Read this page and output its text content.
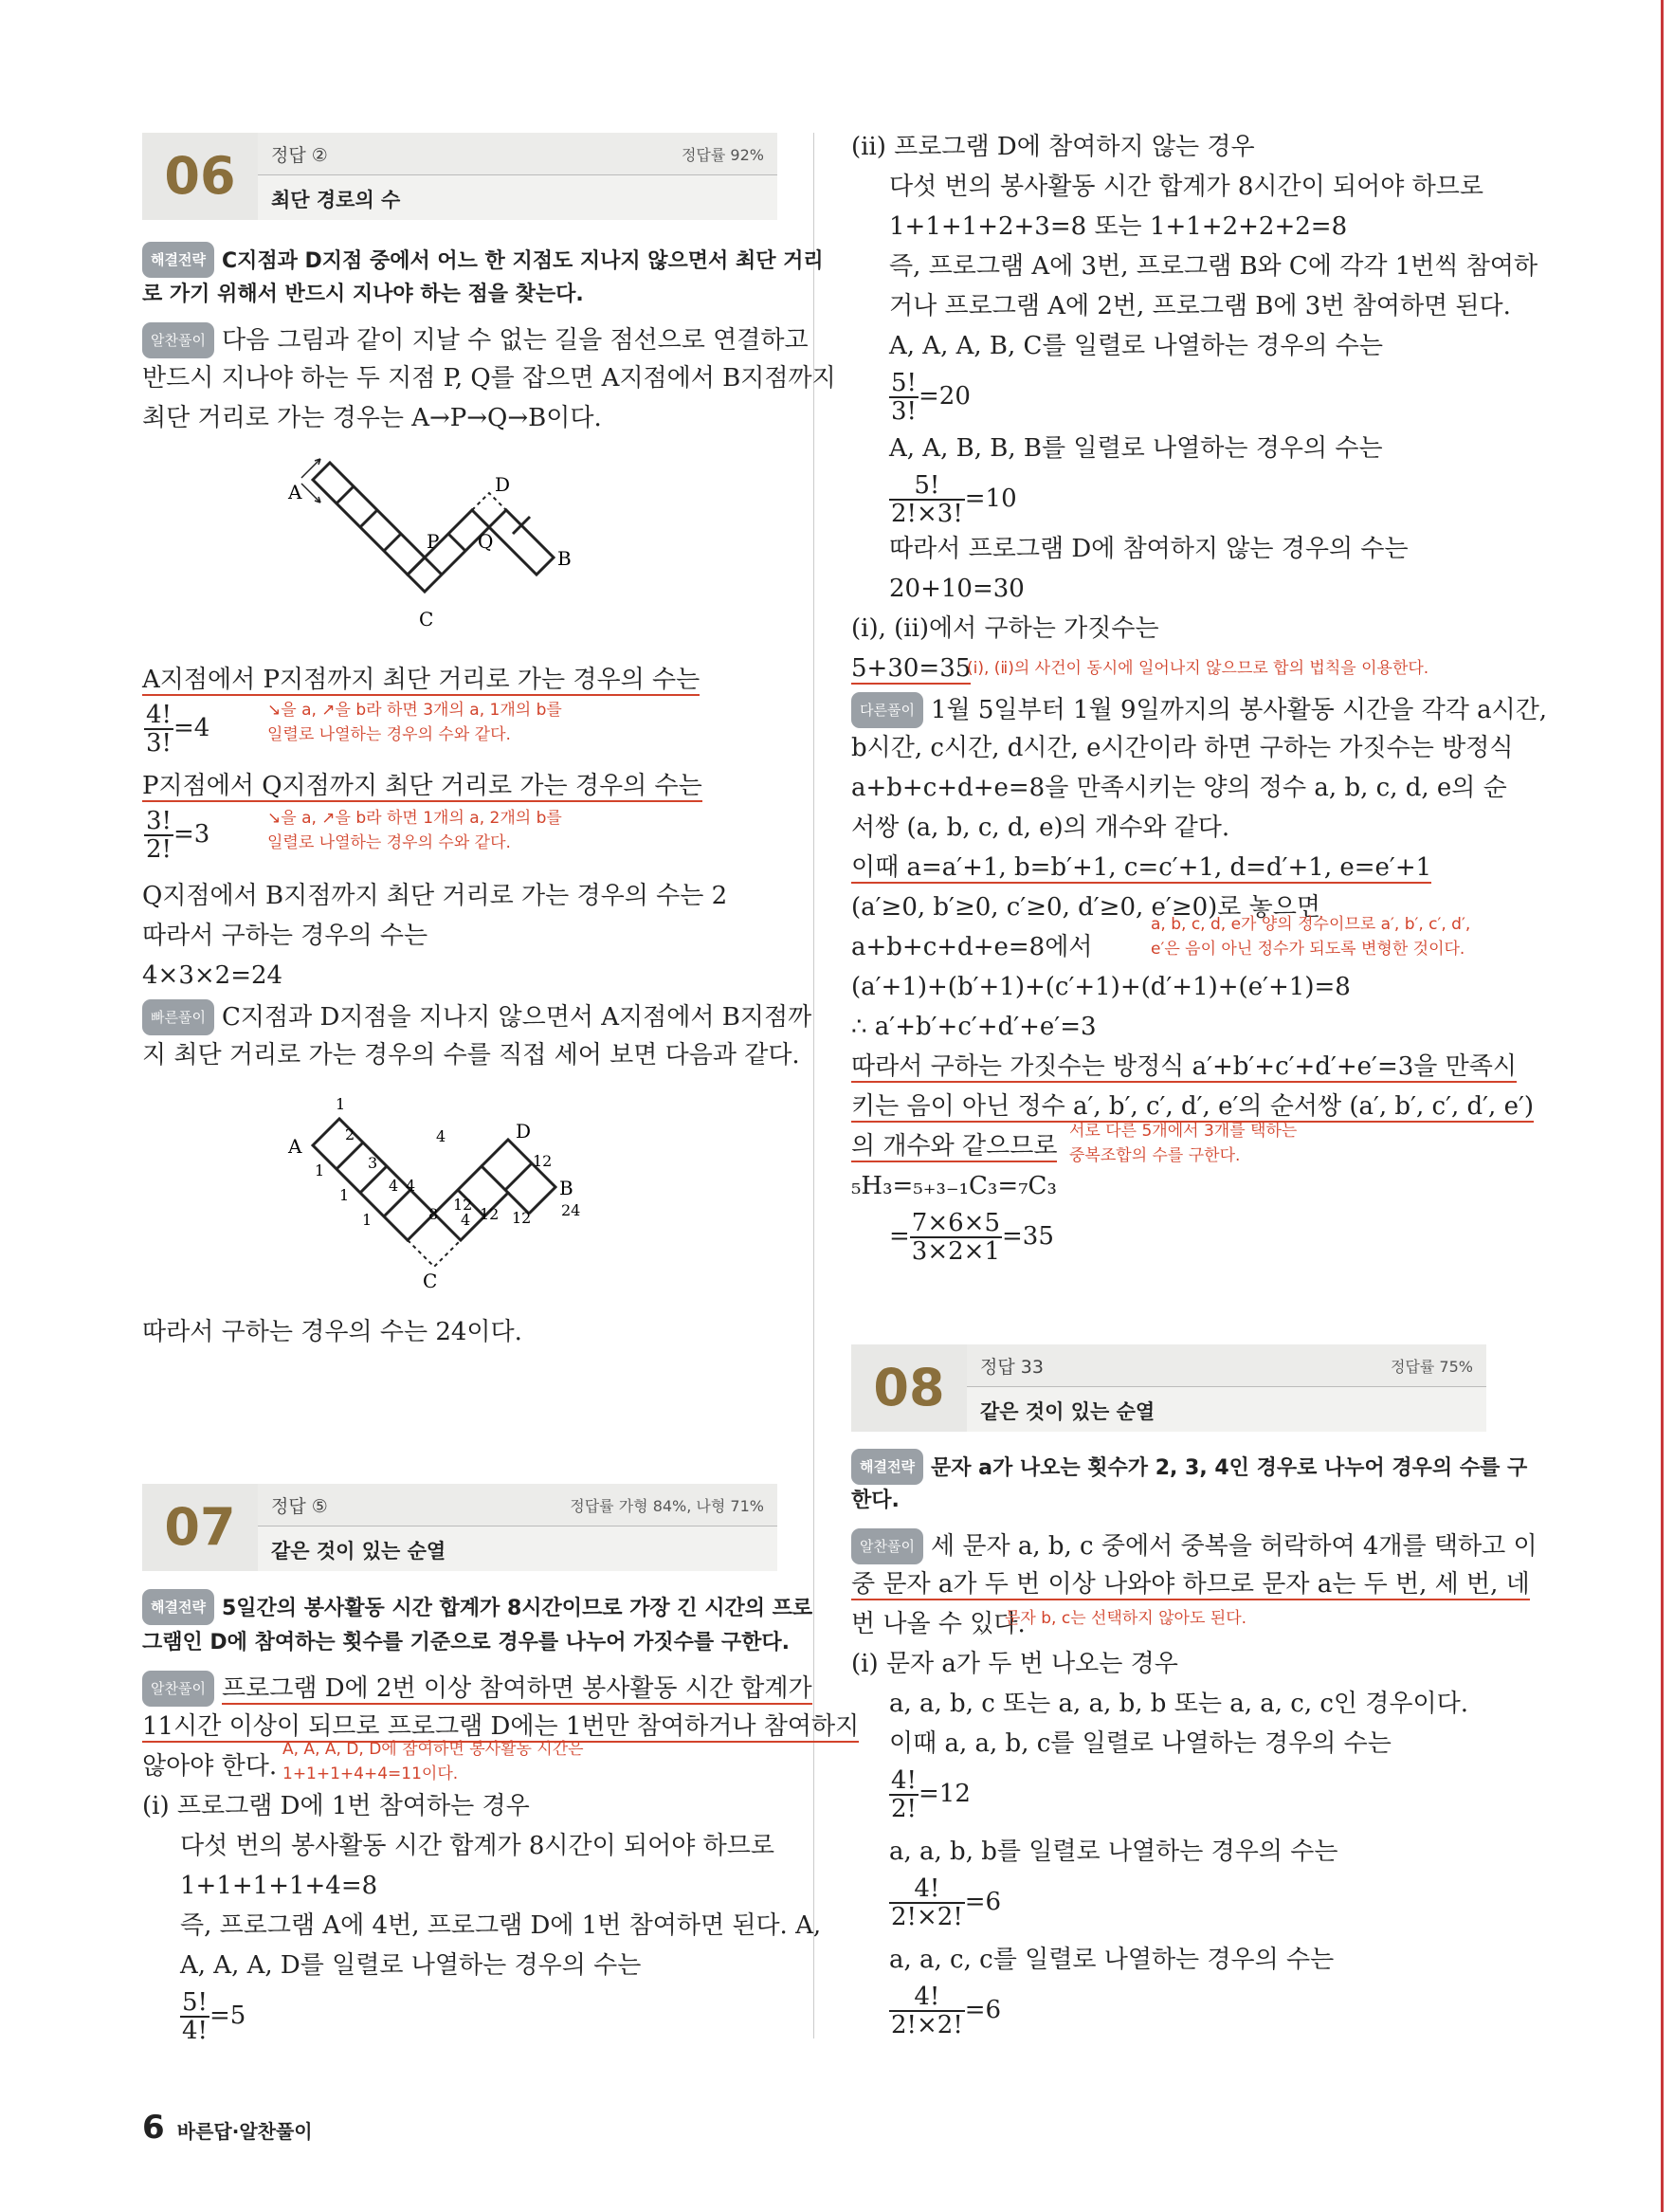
06	정답 ②	정답률 92%
최단 경로의 수
해결전략 C지점과 D지점 중에서 어느 한 지점도 지나지 않으면서 최단 거리
로 가기 위해서 반드시 지나야 하는 점을 찾는다.
알찬풀이 다음 그림과 같이 지날 수 없는 길을 점선으로 연결하고
반드시 지나야 하는 두 지점 P, Q를 잡으면 A지점에서 B지점까지
최단 거리로 가는 경우는 A→P→Q→B이다.
A	D
P Q
B
C
A지점에서 P지점까지 최단 거리로 가는 경우의 수는
$\frac{4!}{3!} =4$
↘을 a, ↗을 b라 하면 3개의 a, 1개의 b를
일렬로 나열하는 경우의 수와 같다.
P지점에서 Q지점까지 최단 거리로 가는 경우의 수는
$\frac{3!}{2!} =3$
↘을 a, ↗을 b라 하면 1개의 a, 2개의 b를
일렬로 나열하는 경우의 수와 같다.
Q지점에서 B지점까지 최단 거리로 가는 경우의 수는 2
따라서 구하는 경우의 수는
4×3×2=24
빠른풀이 C지점과 D지점을 지나지 않으면서 A지점에서 B지점까
지 최단 거리로 가는 경우의 수를 직접 세어 보면 다음과 같다.
A
D
B
C
1
2
1	3
1
4
1
4
4
8 4
12
12
12 12 24
따라서 구하는 경우의 수는 24이다.
07	정답 ⑤	정답률 가형 84%, 나형 71%
같은 것이 있는 순열
해결전략 5일간의 봉사활동 시간 합계가 8시간이므로 가장 긴 시간의 프로
그램인 D에 참여하는 횟수를 기준으로 경우를 나누어 가짓수를 구한다.
알찬풀이 프로그램 D에 2번 이상 참여하면 봉사활동 시간 합계가
11시간 이상이 되므로 프로그램 D에는 1번만 참여하거나 참여하지
않아야 한다.
A, A, A, D, D에 참여하면 봉사활동 시간은
1+1+1+4+4=11이다.
(ⅰ) 프로그램 D에 1번 참여하는 경우
다섯 번의 봉사활동 시간 합계가 8시간이 되어야 하므로
1+1+1+1+4=8
즉, 프로그램 A에 4번, 프로그램 D에 1번 참여하면 된다. A,
A, A, A, D를 일렬로 나열하는 경우의 수는
$\frac{5!}{4!} =5$
6 바른답·알찬풀이
(ⅱ) 프로그램 D에 참여하지 않는 경우
다섯 번의 봉사활동 시간 합계가 8시간이 되어야 하므로
1+1+1+2+3=8 또는 1+1+2+2+2=8
즉, 프로그램 A에 3번, 프로그램 B와 C에 각각 1번씩 참여하
거나 프로그램 A에 2번, 프로그램 B에 3번 참여하면 된다.
A, A, A, B, C를 일렬로 나열하는 경우의 수는
$\frac{5!}{3!} =20$
A, A, B, B, B를 일렬로 나열하는 경우의 수는
$\frac{5!}{2!\times 3!} =10$
따라서 프로그램 D에 참여하지 않는 경우의 수는
20+10=30
(ⅰ), (ⅱ)에서 구하는 가짓수는
5+30=35
(ⅰ), (ⅱ)의 사건이 동시에 일어나지 않으므로 합의 법칙을 이용한다.
다른풀이 1월 5일부터 1월 9일까지의 봉사활동 시간을 각각 a시간,
b시간, c시간, d시간, e시간이라 하면 구하는 가짓수는 방정식
a+b+c+d+e=8을 만족시키는 양의 정수 a, b, c, d, e의 순
서쌍 (a, b, c, d, e)의 개수와 같다.
이때 a=a′+1, b=b′+1, c=c′+1, d=d′+1, e=e′+1
(a′≥0, b′≥0, c′≥0, d′≥0, e′≥0)로 놓으면
a+b+c+d+e=8에서
a, b, c, d, e가 양의 정수이므로 a′, b′, c′, d′,
e′은 음이 아닌 정수가 되도록 변형한 것이다.
(a′+1)+(b′+1)+(c′+1)+(d′+1)+(e′+1)=8
∴ a′+b′+c′+d′+e′=3
따라서 구하는 가짓수는 방정식 a′+b′+c′+d′+e′=3을 만족시
키는 음이 아닌 정수 a′, b′, c′, d′, e′의 순서쌍 (a′, b′, c′, d′, e′)
의 개수와 같으므로
서로 다른 5개에서 3개를 택하는
중복조합의 수를 구한다.
₅H₃=₅₊₃₋₁C₃=₇C₃
= $\frac{7\times 6\times 5}{3\times 2\times 1} =35$
08	정답 33	정답률 75%
같은 것이 있는 순열
해결전략 문자 a가 나오는 횟수가 2, 3, 4인 경우로 나누어 경우의 수를 구
한다.
알찬풀이 세 문자 a, b, c 중에서 중복을 허락하여 4개를 택하고 이
중 문자 a가 두 번 이상 나와야 하므로 문자 a는 두 번, 세 번, 네
번 나올 수 있다.
문자 b, c는 선택하지 않아도 된다.
(ⅰ) 문자 a가 두 번 나오는 경우
a, a, b, c 또는 a, a, b, b 또는 a, a, c, c인 경우이다.
이때 a, a, b, c를 일렬로 나열하는 경우의 수는
$\frac{4!}{2!} =12$
a, a, b, b를 일렬로 나열하는 경우의 수는
$\frac{4!}{2!\times 2!} =6$
a, a, c, c를 일렬로 나열하는 경우의 수는
$\frac{4!}{2!\times 2!} =6$
